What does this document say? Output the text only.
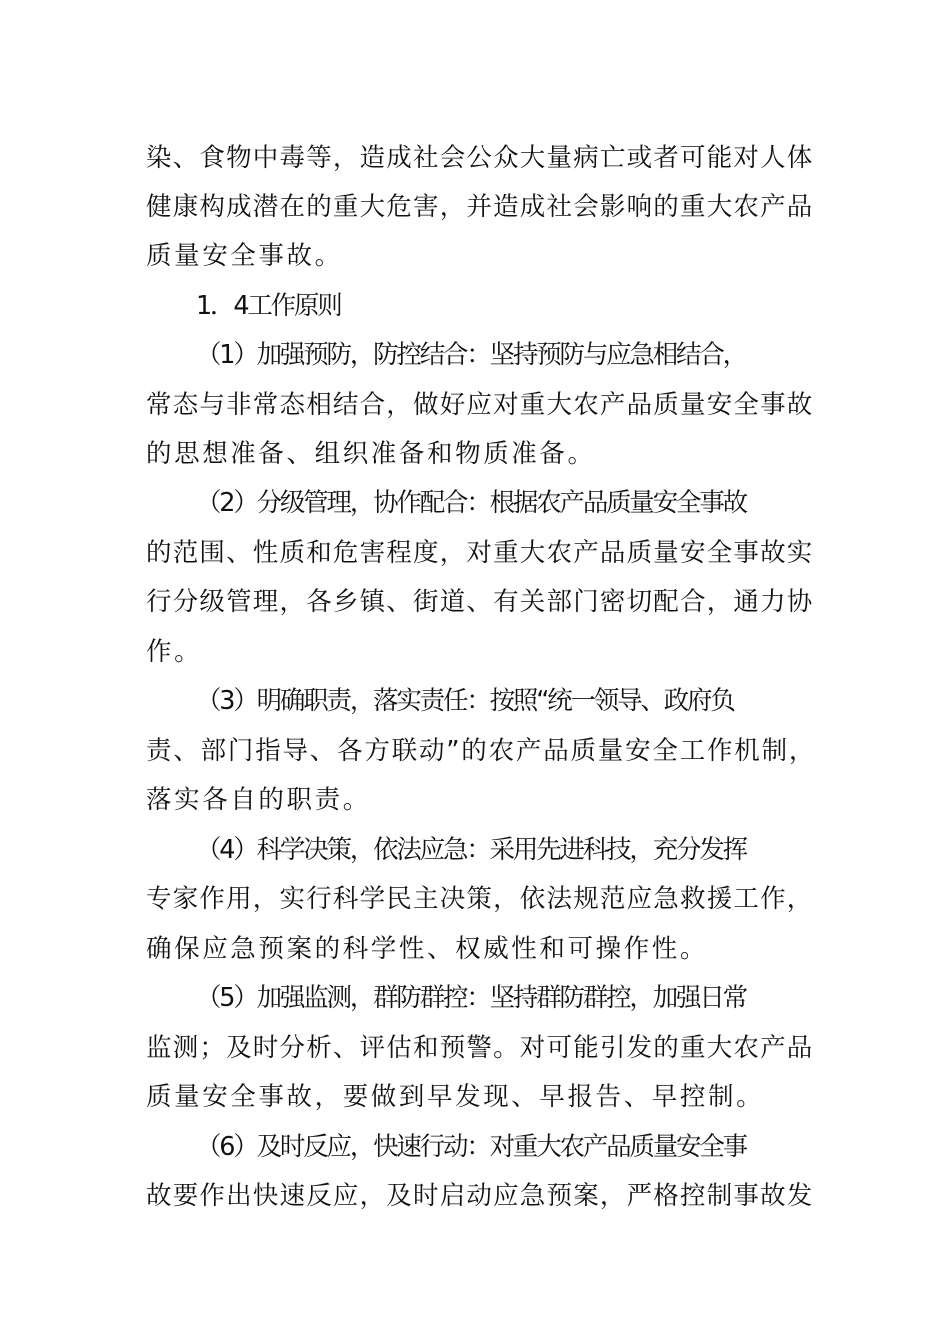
染、食物中毒等，造成社会公众大量病亡或者可能对人体
健康构成潜在的重大危害，并造成社会影响的重大农产品
质量安全事故。
1．4工作原则
（1）加强预防，防控结合：坚持预防与应急相结合，
常态与非常态相结合，做好应对重大农产品质量安全事故
的思想准备、组织准备和物质准备。
（2）分级管理，协作配合：根据农产品质量安全事故
的范围、性质和危害程度，对重大农产品质量安全事故实
行分级管理，各乡镇、街道、有关部门密切配合，通力协
作。
（3）明确职责，落实责任：按照“统一领导、政府负
责、部门指导、各方联动”的农产品质量安全工作机制，
落实各自的职责。
（4）科学决策，依法应急：采用先进科技，充分发挥
专家作用，实行科学民主决策，依法规范应急救援工作，
确保应急预案的科学性、权威性和可操作性。
（5）加强监测，群防群控：坚持群防群控，加强日常
监测；及时分析、评估和预警。对可能引发的重大农产品
质量安全事故，要做到早发现、早报告、早控制。
（6）及时反应，快速行动：对重大农产品质量安全事
故要作出快速反应，及时启动应急预案，严格控制事故发
